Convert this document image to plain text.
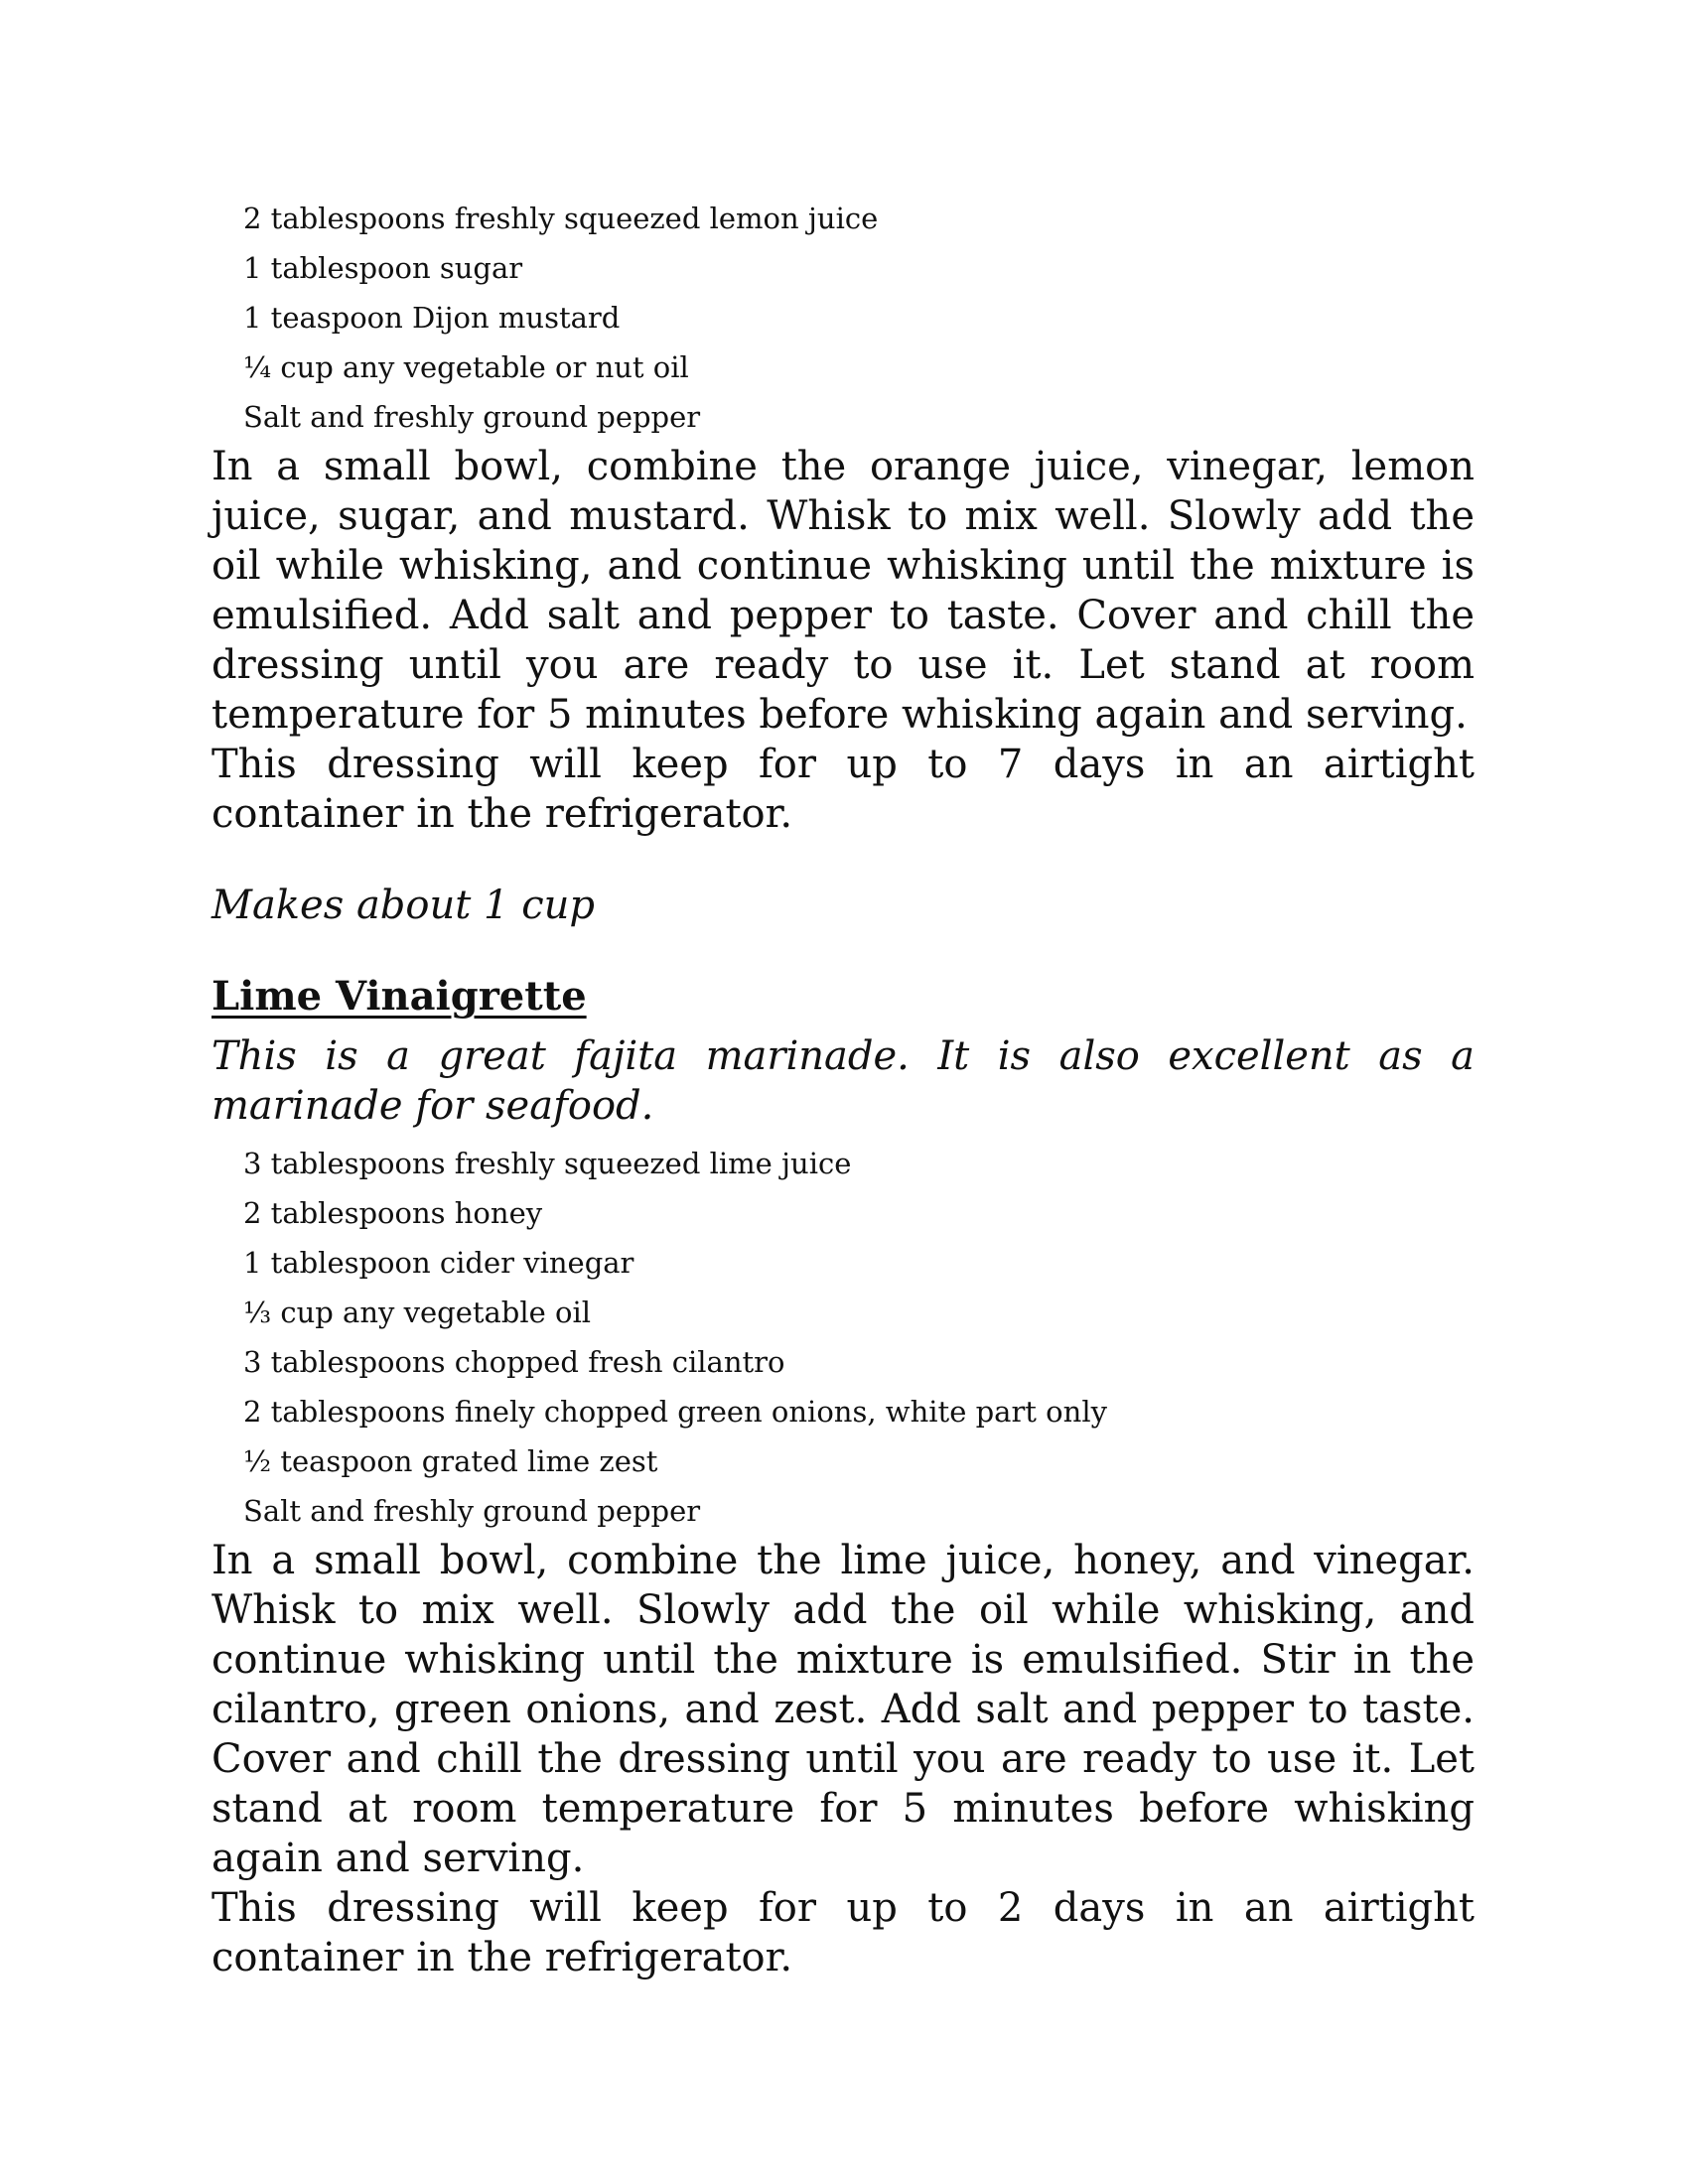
2 tablespoons freshly squeezed lemon juice
1 tablespoon sugar
1 teaspoon Dijon mustard
¼ cup any vegetable or nut oil
Salt and freshly ground pepper

In a small bowl, combine the orange juice, vinegar, lemon juice, sugar, and mustard. Whisk to mix well. Slowly add the oil while whisking, and continue whisking until the mixture is emulsified. Add salt and pepper to taste. Cover and chill the dressing until you are ready to use it. Let stand at room temperature for 5 minutes before whisking again and serving.

This dressing will keep for up to 7 days in an airtight container in the refrigerator.

Makes about 1 cup

Lime Vinaigrette

This is a great fajita marinade. It is also excellent as a marinade for seafood.

3 tablespoons freshly squeezed lime juice
2 tablespoons honey
1 tablespoon cider vinegar
⅓ cup any vegetable oil
3 tablespoons chopped fresh cilantro
2 tablespoons finely chopped green onions, white part only
½ teaspoon grated lime zest
Salt and freshly ground pepper

In a small bowl, combine the lime juice, honey, and vinegar. Whisk to mix well. Slowly add the oil while whisking, and continue whisking until the mixture is emulsified. Stir in the cilantro, green onions, and zest. Add salt and pepper to taste. Cover and chill the dressing until you are ready to use it. Let stand at room temperature for 5 minutes before whisking again and serving.

This dressing will keep for up to 2 days in an airtight container in the refrigerator.
